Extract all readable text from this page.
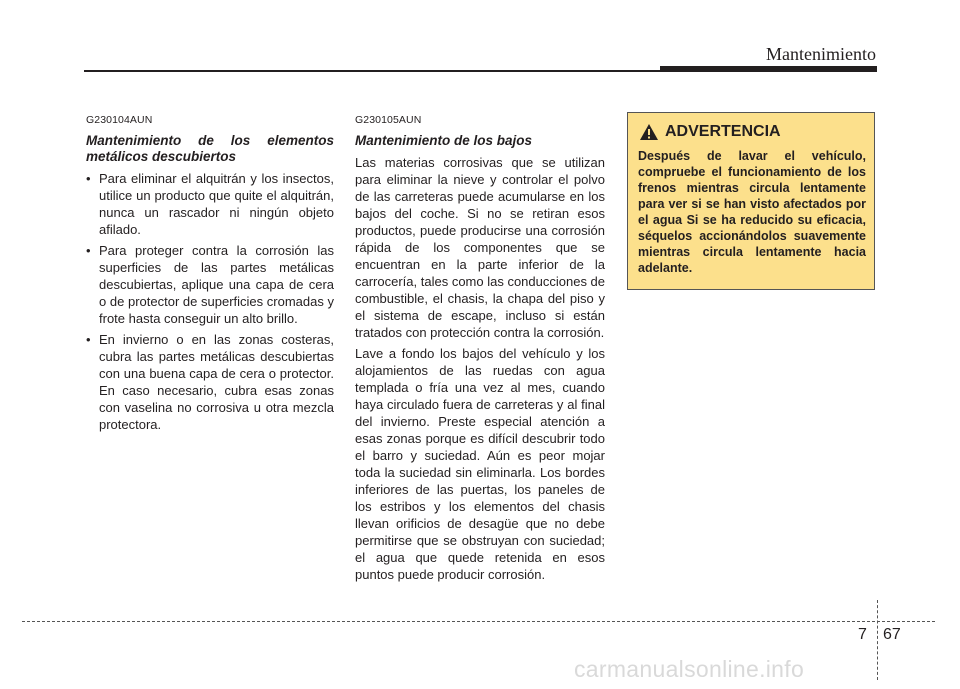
Mantenimiento
G230104AUN
Mantenimiento de los elementos metálicos descubiertos
• Para eliminar el alquitrán y los insectos, utilice un producto que quite el alquitrán, nunca un rascador ni ningún objeto afilado.
• Para proteger contra la corrosión las superficies de las partes metálicas descubiertas, aplique una capa de cera o de protector de superficies cromadas y frote hasta conseguir un alto brillo.
• En invierno o en las zonas costeras, cubra las partes metálicas descubiertas con una buena capa de cera o protector. En caso necesario, cubra esas zonas con vaselina no corrosiva u otra mezcla protectora.
G230105AUN
Mantenimiento de los bajos

Las materias corrosivas que se utilizan para eliminar la nieve y controlar el polvo de las carreteras puede acumularse en los bajos del coche. Si no se retiran esos productos, puede producirse una corrosión rápida de los componentes que se encuentran en la parte inferior de la carrocería, tales como las conducciones de combustible, el chasis, la chapa del piso y el sistema de escape, incluso si están tratados con protección contra la corrosión.

Lave a fondo los bajos del vehículo y los alojamientos de las ruedas con agua templada o fría una vez al mes, cuando haya circulado fuera de carreteras y al final del invierno. Preste especial atención a esas zonas porque es difícil descubrir todo el barro y suciedad. Aún es peor mojar toda la suciedad sin eliminarla. Los bordes inferiores de las puertas, los paneles de los estribos y los elementos del chasis llevan orificios de desagüe que no debe permitirse que se obstruyan con suciedad; el agua que quede retenida en esos puntos puede producir corrosión.

ADVERTENCIA
Después de lavar el vehículo, compruebe el funcionamiento de los frenos mientras circula lentamente para ver si se han visto afectados por el agua Si se ha reducido su eficacia, séquelos accionándolos suavemente mientras circula lentamente hacia adelante.
7 67
carmanualsonline.info
